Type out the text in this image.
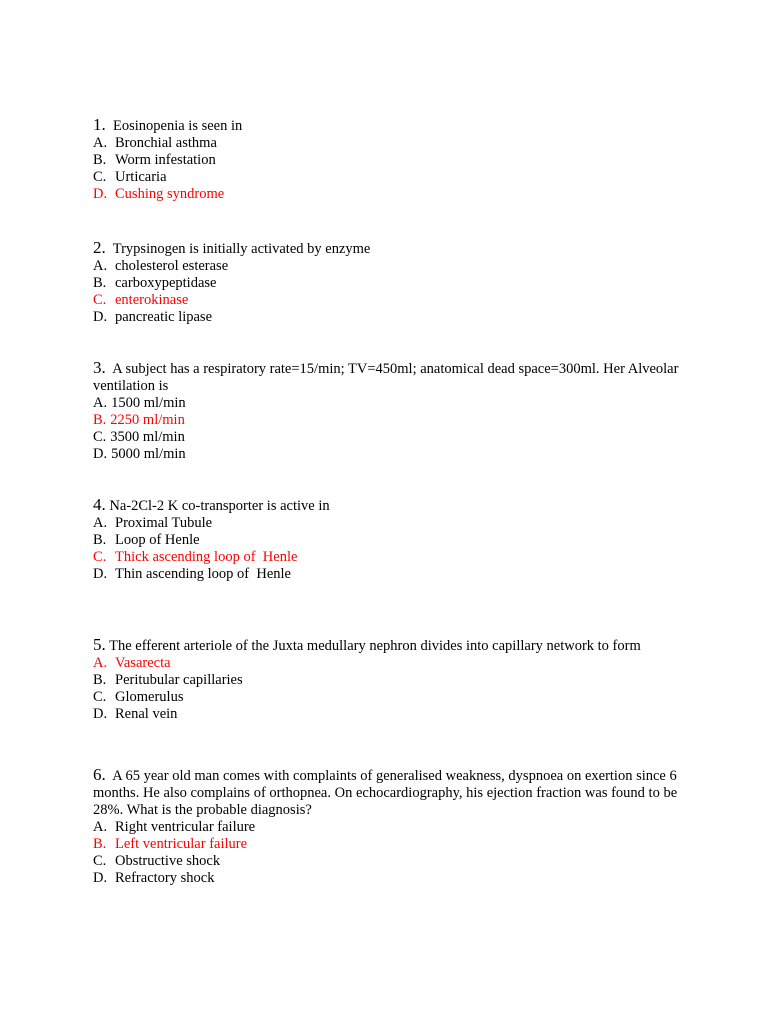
1. Eosinopenia is seen in

A. Bronchial asthma

B. Worm infestation

C. Urticaria

D. Cushing syndrome

2. Trypsinogen is initially activated by enzyme

A. cholesterol esterase

B. carboxypeptidase

C. enterokinase

D. pancreatic lipase

3. A subject has a respiratory rate=15/min; TV=450ml; anatomical dead space=300ml. Her Alveolar ventilation is

A. 1500 ml/min

B. 2250 ml/min

C. 3500 ml/min

D. 5000 ml/min

4. Na-2Cl-2 K co-transporter is active in

A. Proximal Tubule

B. Loop of Henle

C. Thick ascending loop of  Henle

D. Thin ascending loop of  Henle

5. The efferent arteriole of the Juxta medullary nephron divides into capillary network to form

A. Vasarecta

B. Peritubular capillaries

C. Glomerulus

D. Renal vein

6. A 65 year old man comes with complaints of generalised weakness, dyspnoea on exertion since 6 months. He also complains of orthopnea. On echocardiography, his ejection fraction was found to be 28%. What is the probable diagnosis?

A. Right ventricular failure

B. Left ventricular failure

C. Obstructive shock

D. Refractory shock
